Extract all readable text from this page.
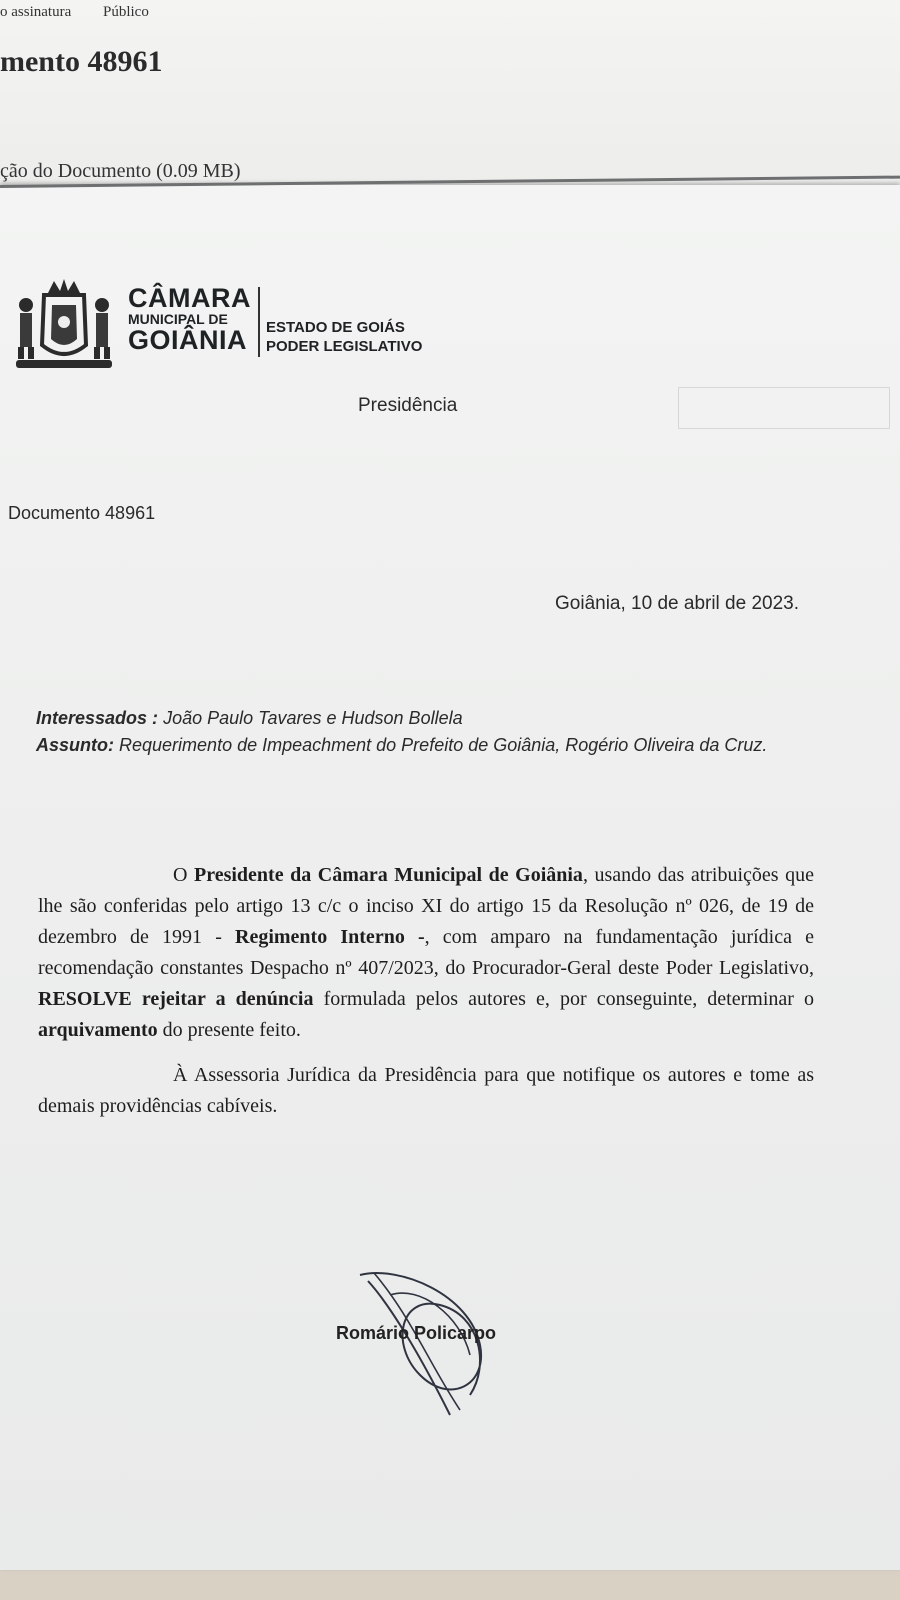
o assinatura Público
mento 48961
ção do Documento (0.09 MB)
CÂMARA
MUNICIPAL DE
GOIÂNIA ESTADO DE GOIÁS
PODER LEGISLATIVO
Presidência
Documento 48961
Goiânia, 10 de abril de 2023.
Interessados : João Paulo Tavares e Hudson Bollela
Assunto: Requerimento de Impeachment do Prefeito de Goiânia, Rogério Oliveira da Cruz.

O Presidente da Câmara Municipal de Goiânia, usando das atribuições que lhe são conferidas pelo artigo 13 c/c o inciso XI do artigo 15 da Resolução nº 026, de 19 de dezembro de 1991 - Regimento Interno -, com amparo na fundamentação jurídica e recomendação constantes Despacho nº 407/2023, do Procurador-Geral deste Poder Legislativo, RESOLVE rejeitar a denúncia formulada pelos autores e, por conseguinte, determinar o arquivamento do presente feito.

À Assessoria Jurídica da Presidência para que notifique os autores e tome as demais providências cabíveis.

Romário Policarpo
